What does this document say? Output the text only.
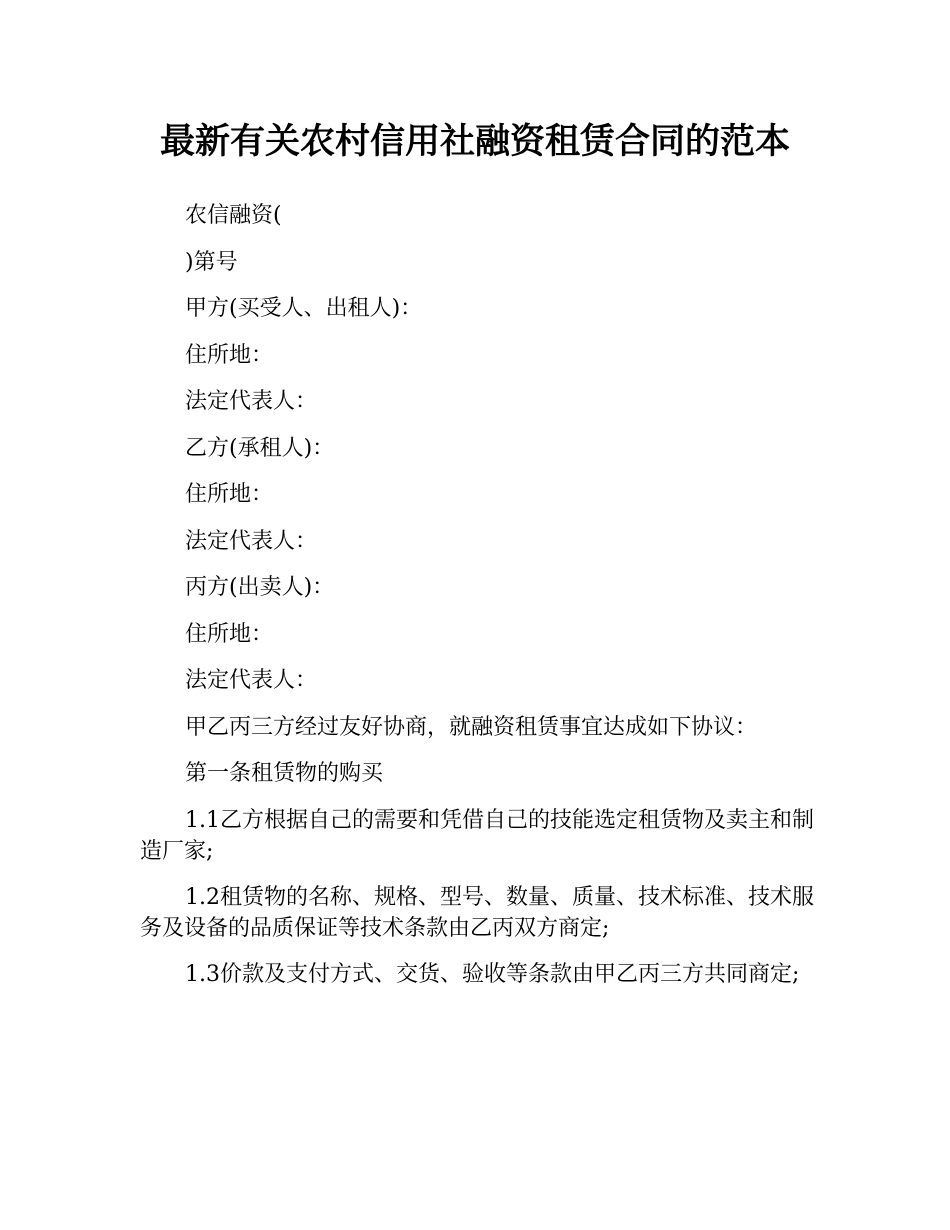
最新有关农村信用社融资租赁合同的范本

农信融资(

)第号

甲方(买受人、出租人)：

住所地：

法定代表人：

乙方(承租人)：

住所地：

法定代表人：

丙方(出卖人)：

住所地：

法定代表人：

甲乙丙三方经过友好协商，就融资租赁事宜达成如下协议：

第一条租赁物的购买

1.1乙方根据自己的需要和凭借自己的技能选定租赁物及卖主和制造厂家;

1.2租赁物的名称、规格、型号、数量、质量、技术标准、技术服务及设备的品质保证等技术条款由乙丙双方商定;

1.3价款及支付方式、交货、验收等条款由甲乙丙三方共同商定;
